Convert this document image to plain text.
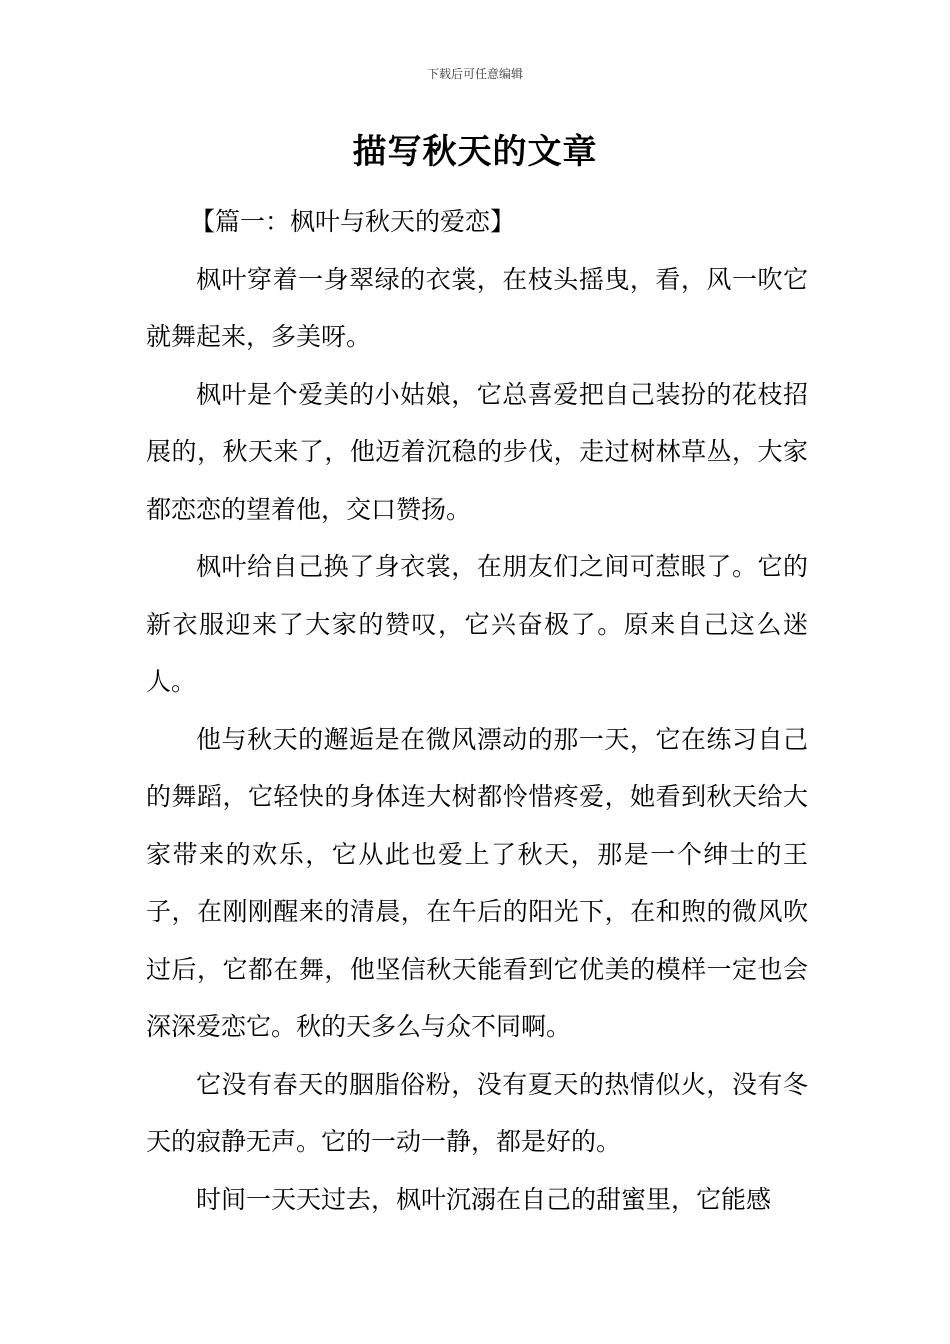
下载后可任意编辑
描写秋天的文章

【篇一：枫叶与秋天的爱恋】

枫叶穿着一身翠绿的衣裳，在枝头摇曳，看，风一吹它就舞起来，多美呀。

枫叶是个爱美的小姑娘，它总喜爱把自己装扮的花枝招展的，秋天来了，他迈着沉稳的步伐，走过树林草丛，大家都恋恋的望着他，交口赞扬。

枫叶给自己换了身衣裳，在朋友们之间可惹眼了。它的新衣服迎来了大家的赞叹，它兴奋极了。原来自己这么迷人。

他与秋天的邂逅是在微风漂动的那一天，它在练习自己的舞蹈，它轻快的身体连大树都怜惜疼爱，她看到秋天给大家带来的欢乐，它从此也爱上了秋天，那是一个绅士的王子，在刚刚醒来的清晨，在午后的阳光下，在和煦的微风吹过后，它都在舞，他坚信秋天能看到它优美的模样一定也会深深爱恋它。秋的天多么与众不同啊。

它没有春天的胭脂俗粉，没有夏天的热情似火，没有冬天的寂静无声。它的一动一静，都是好的。

时间一天天过去，枫叶沉溺在自己的甜蜜里，它能感
